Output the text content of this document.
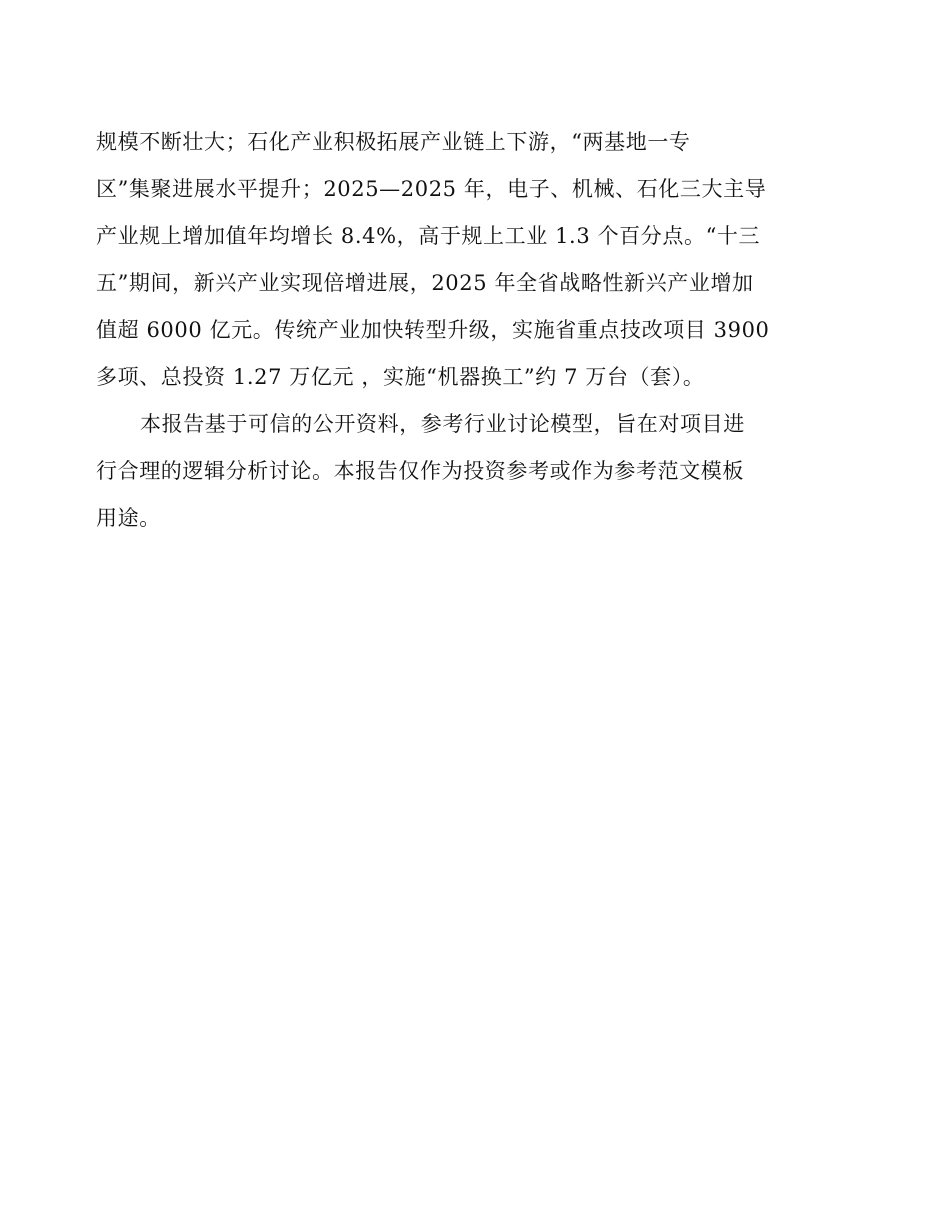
规模不断壮大；石化产业积极拓展产业链上下游，“两基地一专
区”集聚进展水平提升；2025—2025 年，电子、机械、石化三大主导
产业规上增加值年均增长 8.4%，高于规上工业 1.3 个百分点。“十三
五”期间，新兴产业实现倍增进展，2025 年全省战略性新兴产业增加
值超 6000 亿元。传统产业加快转型升级，实施省重点技改项目 3900
多项、总投资 1.27 万亿元 ，实施“机器换工”约 7 万台（套）。
本报告基于可信的公开资料，参考行业讨论模型，旨在对项目进
行合理的逻辑分析讨论。本报告仅作为投资参考或作为参考范文模板
用途。
